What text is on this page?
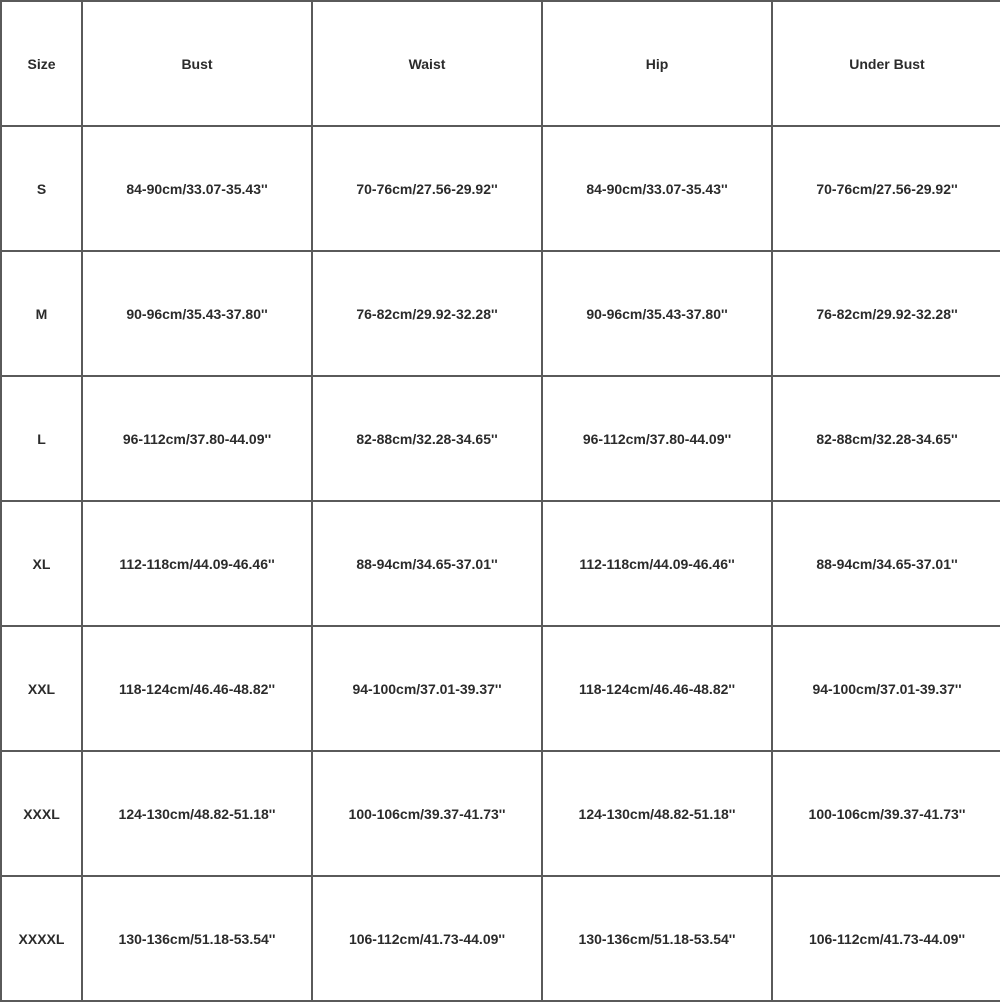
Size	Bust	Waist	Hip	Under Bust
S	84-90cm/33.07-35.43''	70-76cm/27.56-29.92''	84-90cm/33.07-35.43''	70-76cm/27.56-29.92''
M	90-96cm/35.43-37.80''	76-82cm/29.92-32.28''	90-96cm/35.43-37.80''	76-82cm/29.92-32.28''
L	96-112cm/37.80-44.09''	82-88cm/32.28-34.65''	96-112cm/37.80-44.09''	82-88cm/32.28-34.65''
XL	112-118cm/44.09-46.46''	88-94cm/34.65-37.01''	112-118cm/44.09-46.46''	88-94cm/34.65-37.01''
XXL	118-124cm/46.46-48.82''	94-100cm/37.01-39.37''	118-124cm/46.46-48.82''	94-100cm/37.01-39.37''
XXXL	124-130cm/48.82-51.18''	100-106cm/39.37-41.73''	124-130cm/48.82-51.18''	100-106cm/39.37-41.73''
XXXXL	130-136cm/51.18-53.54''	106-112cm/41.73-44.09''	130-136cm/51.18-53.54''	106-112cm/41.73-44.09''
